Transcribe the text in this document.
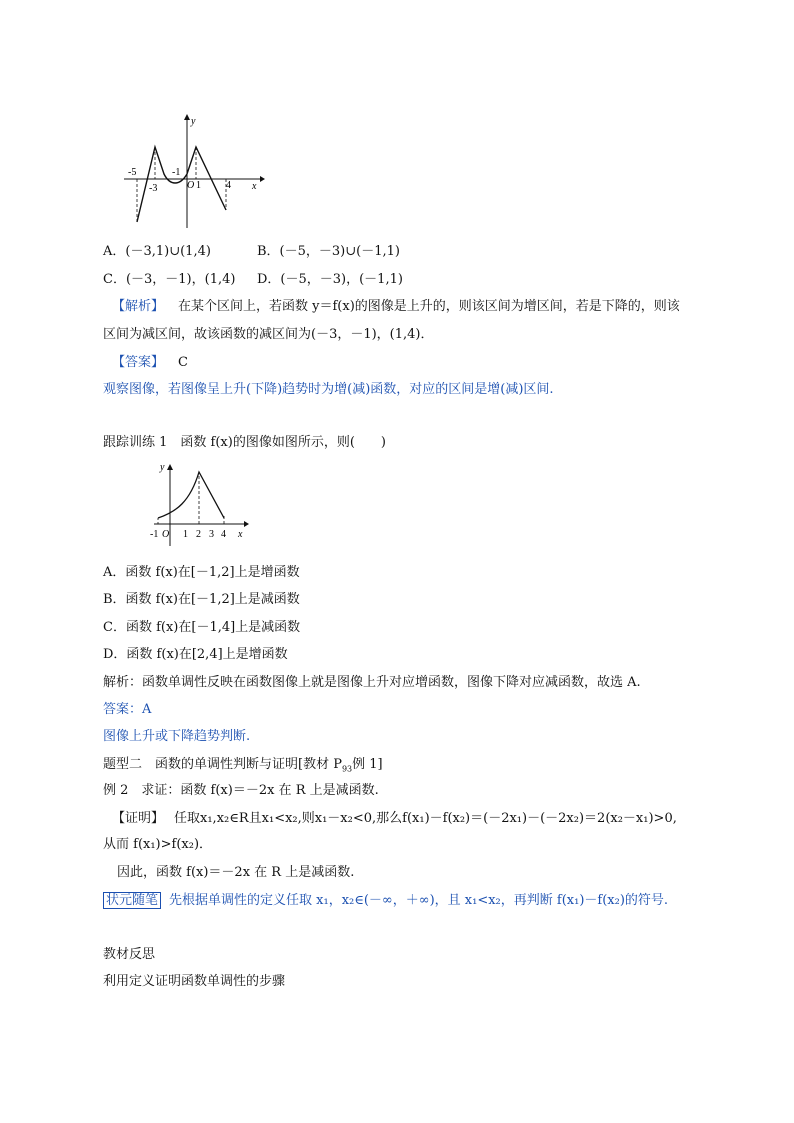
-5
-3
-1
O 1	4 x
y
A．(－3,1)∪(1,4)	B．(－5，－3)∪(－1,1)
C．(－3，－1)，(1,4) D．(－5，－3)，(－1,1)
【解析】 在某个区间上，若函数 y＝f(x)的图像是上升的，则该区间为增区间，若是下降的，则该
区间为减区间，故该函数的减区间为(－3，－1)，(1,4)．
【答案】 C
观察图像，若图像呈上升(下降)趋势时为增(减)函数，对应的区间是增(减)区间.
跟踪训练 1　函数 f(x)的图像如图所示，则(　　)
-1 O 1 2 3 4 x
y
A．函数 f(x)在[－1,2]上是增函数
B．函数 f(x)在[－1,2]上是减函数
C．函数 f(x)在[－1,4]上是减函数
D．函数 f(x)在[2,4]上是增函数
解析：函数单调性反映在函数图像上就是图像上升对应增函数，图像下降对应减函数，故选 A.
答案：A
图像上升或下降趋势判断.
题型二　函数的单调性判断与证明[教材 $P_{93}$例 1]
例 2　求证：函数 f(x)＝－2x 在 R 上是减函数.
【证明】 任取x₁,x₂∈R且x₁<x₂,则x₁－x₂<0,那么f(x₁)－f(x₂)＝(－2x₁)－(－2x₂)＝2(x₂－x₁)>0,
从而 f(x₁)>f(x₂)．
因此，函数 f(x)＝－2x 在 R 上是减函数.
状元随笔 先根据单调性的定义任取 x₁，x₂∈(－∞，＋∞)，且 x₁<x₂，再判断 f(x₁)－f(x₂)的符号.
教材反思
利用定义证明函数单调性的步骤
